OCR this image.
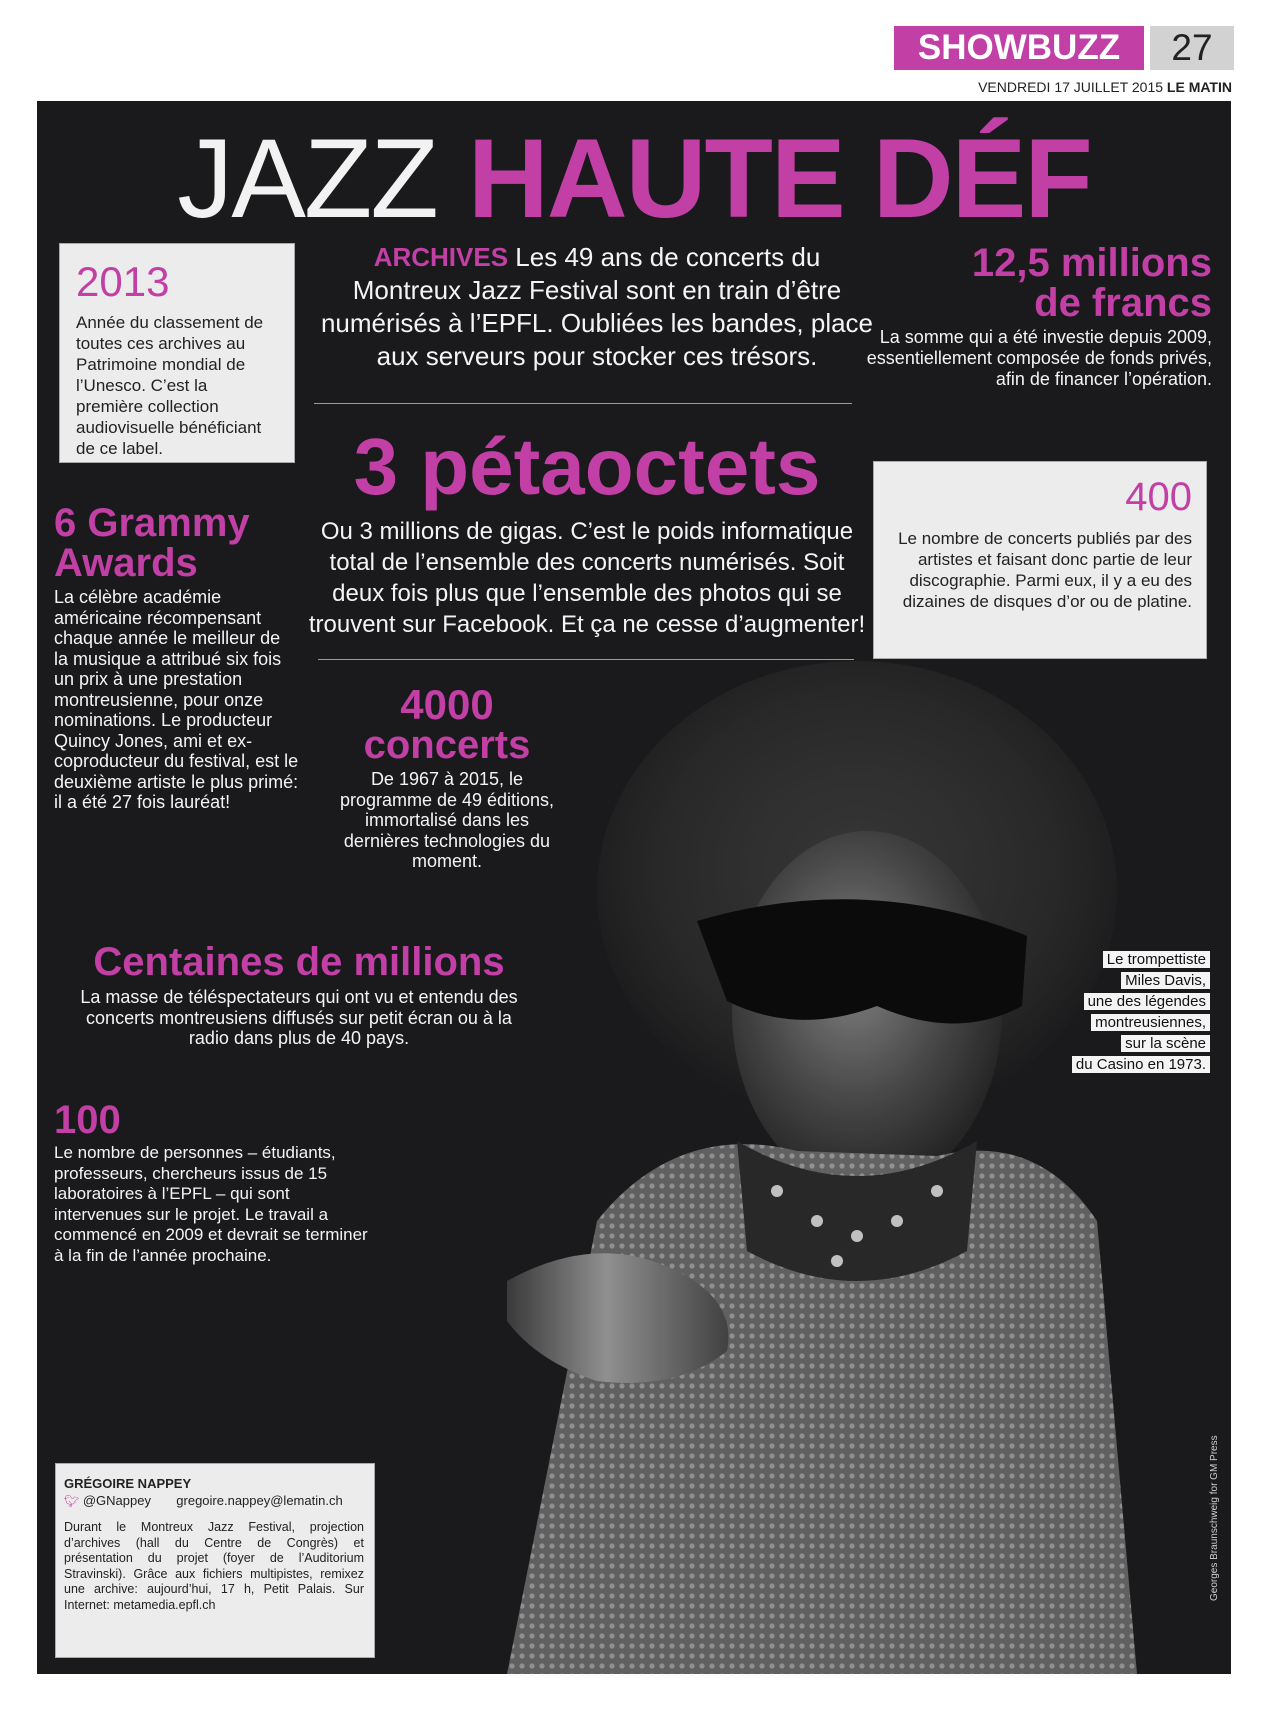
SHOWBUZZ	27
VENDREDI 17 JUILLET 2015 LE MATIN
JAZZ HAUTE DÉF
2013
Année du classement de toutes ces archives au Patrimoine mondial de l’Unesco. C’est la première collection audiovisuelle bénéficiant de ce label.
ARCHIVES Les 49 ans de concerts du Montreux Jazz Festival sont en train d’être numérisés à l’EPFL. Oubliées les bandes, place aux serveurs pour stocker ces trésors.
12,5 millions
de francs
La somme qui a été investie depuis 2009, essentiellement composée de fonds privés, afin de financer l’opération.
3 pétaoctets
Ou 3 millions de gigas. C’est le poids informatique total de l’ensemble des concerts numérisés. Soit deux fois plus que l’ensemble des photos qui se trouvent sur Facebook. Et ça ne cesse d’augmenter!
400
Le nombre de concerts publiés par des artistes et faisant donc partie de leur discographie. Parmi eux, il y a eu des dizaines de disques d’or ou de platine.
6 Grammy
Awards
La célèbre académie américaine récompensant chaque année le meilleur de la musique a attribué six fois un prix à une prestation montreusienne, pour onze nominations. Le producteur Quincy Jones, ami et ex-coproducteur du festival, est le deuxième artiste le plus primé: il a été 27 fois lauréat!
4000
concerts
De 1967 à 2015, le programme de 49 éditions, immortalisé dans les dernières technologies du moment.
Centaines de millions
La masse de téléspectateurs qui ont vu et entendu des concerts montreusiens diffusés sur petit écran ou à la radio dans plus de 40 pays.
100
Le nombre de personnes – étudiants, professeurs, chercheurs issus de 15 laboratoires à l’EPFL – qui sont intervenues sur le projet. Le travail a commencé en 2009 et devrait se terminer à la fin de l’année prochaine.
Le trompettiste
Miles Davis,
une des légendes
montreusiennes,
sur la scène
du Casino en 1973.
GRÉGOIRE NAPPEY
🐦︎ @GNappey gregoire.nappey@lematin.ch
Durant le Montreux Jazz Festival, projection d’archives (hall du Centre de Congrès) et présentation du projet (foyer de l’Auditorium Stravinski). Grâce aux fichiers multipistes, remixez une archive: aujourd’hui, 17 h, Petit Palais. Sur Internet: metamedia.epfl.ch
Georges Braunschweig for GM Press
